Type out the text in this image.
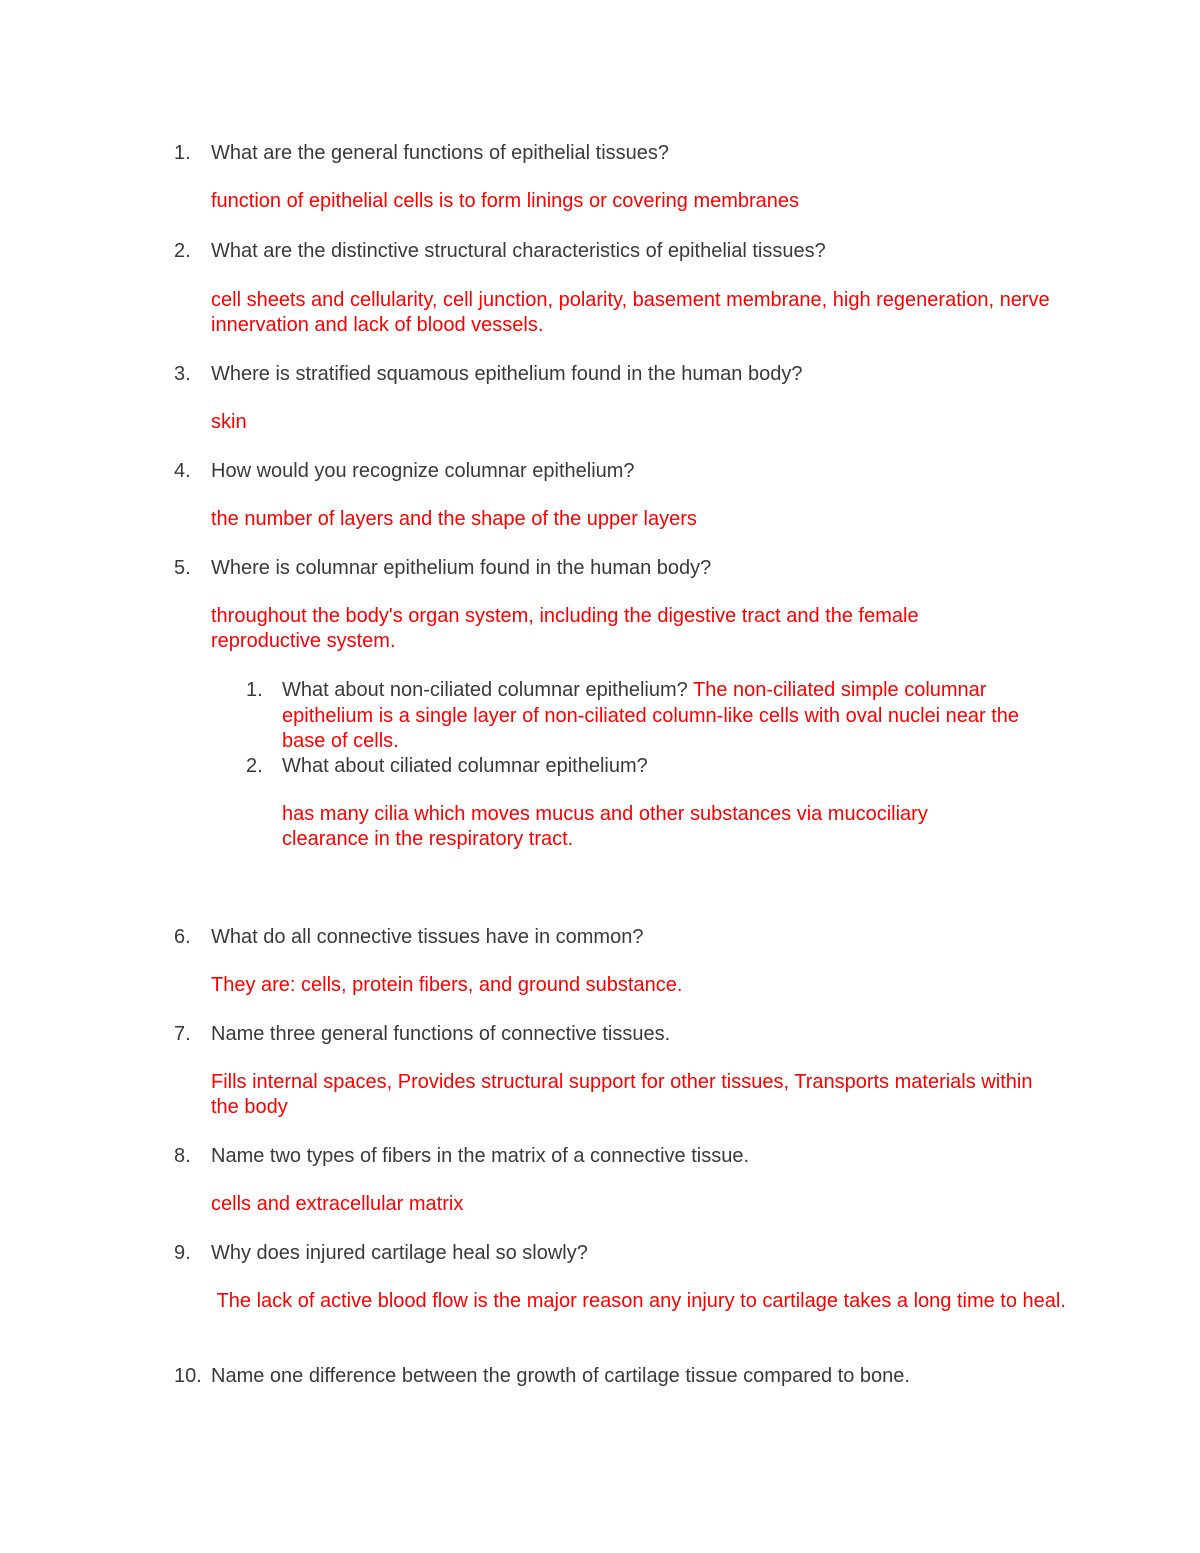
1. What are the general functions of epithelial tissues?
function of epithelial cells is to form linings or covering membranes
2. What are the distinctive structural characteristics of epithelial tissues?
cell sheets and cellularity, cell junction, polarity, basement membrane, high regeneration, nerve innervation and lack of blood vessels.
3. Where is stratified squamous epithelium found in the human body?
skin
4. How would you recognize columnar epithelium?
the number of layers and the shape of the upper layers
5. Where is columnar epithelium found in the human body?
throughout the body's organ system, including the digestive tract and the female reproductive system.
1. What about non-ciliated columnar epithelium? The non-ciliated simple columnar epithelium is a single layer of non-ciliated column-like cells with oval nuclei near the base of cells.
2. What about ciliated columnar epithelium?
has many cilia which moves mucus and other substances via mucociliary clearance in the respiratory tract.
6. What do all connective tissues have in common?
They are: cells, protein fibers, and ground substance.
7. Name three general functions of connective tissues.
Fills internal spaces, Provides structural support for other tissues, Transports materials within the body
8. Name two types of fibers in the matrix of a connective tissue.
cells and extracellular matrix
9. Why does injured cartilage heal so slowly?
The lack of active blood flow is the major reason any injury to cartilage takes a long time to heal.
10. Name one difference between the growth of cartilage tissue compared to bone.
